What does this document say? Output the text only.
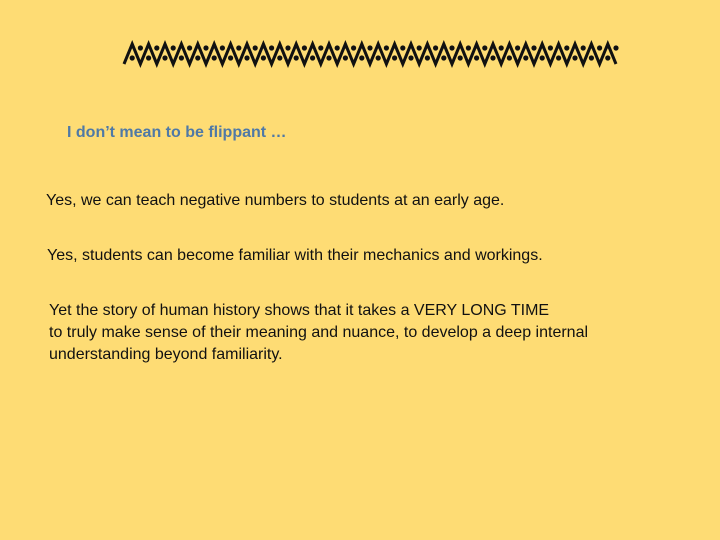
I don’t mean to be flippant …
Yes, we can teach negative numbers to students at an early age.
Yes, students can become familiar with their mechanics and workings.
Yet the story of human history shows that it takes a VERY LONG TIME
to truly make sense of their meaning and nuance, to develop a deep internal
understanding beyond familiarity.
